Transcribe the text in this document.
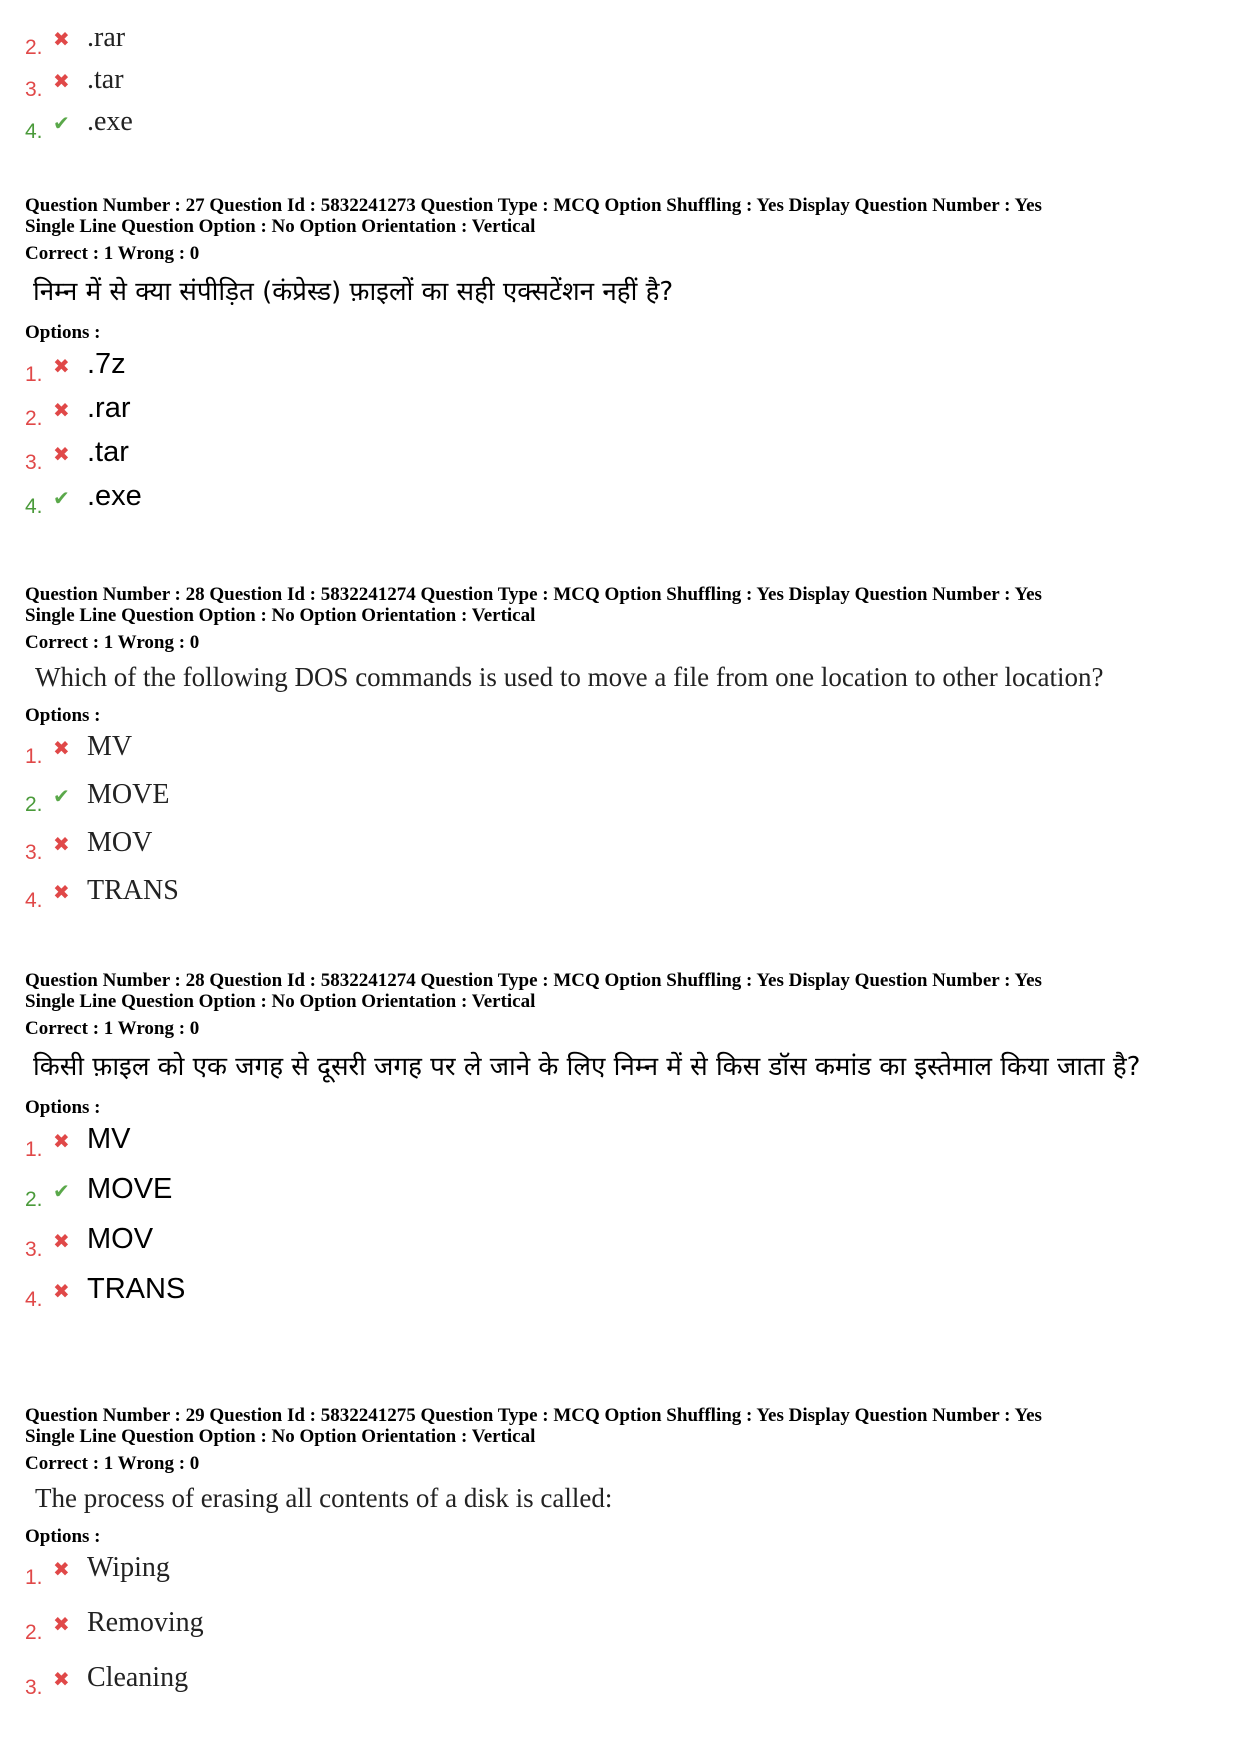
2. ✖ .rar
3. ✖ .tar
4. ✔ .exe
Question Number : 27 Question Id : 5832241273 Question Type : MCQ Option Shuffling : Yes Display Question Number : Yes
Single Line Question Option : No Option Orientation : Vertical
Correct : 1 Wrong : 0
निम्न में से क्या संपीड़ित (कंप्रेस्ड) फ़ाइलों का सही एक्सटेंशन नहीं है?
Options :
1. ✖ .7z
2. ✖ .rar
3. ✖ .tar
4. ✔ .exe
Question Number : 28 Question Id : 5832241274 Question Type : MCQ Option Shuffling : Yes Display Question Number : Yes
Single Line Question Option : No Option Orientation : Vertical
Correct : 1 Wrong : 0
Which of the following DOS commands is used to move a file from one location to other location?
Options :
1. ✖ MV
2. ✔ MOVE
3. ✖ MOV
4. ✖ TRANS
Question Number : 28 Question Id : 5832241274 Question Type : MCQ Option Shuffling : Yes Display Question Number : Yes
Single Line Question Option : No Option Orientation : Vertical
Correct : 1 Wrong : 0
किसी फ़ाइल को एक जगह से दूसरी जगह पर ले जाने के लिए निम्न में से किस डॉस कमांड का इस्तेमाल किया जाता है?
Options :
1. ✖ MV
2. ✔ MOVE
3. ✖ MOV
4. ✖ TRANS
Question Number : 29 Question Id : 5832241275 Question Type : MCQ Option Shuffling : Yes Display Question Number : Yes
Single Line Question Option : No Option Orientation : Vertical
Correct : 1 Wrong : 0
The process of erasing all contents of a disk is called:
Options :
1. ✖ Wiping
2. ✖ Removing
3. ✖ Cleaning
